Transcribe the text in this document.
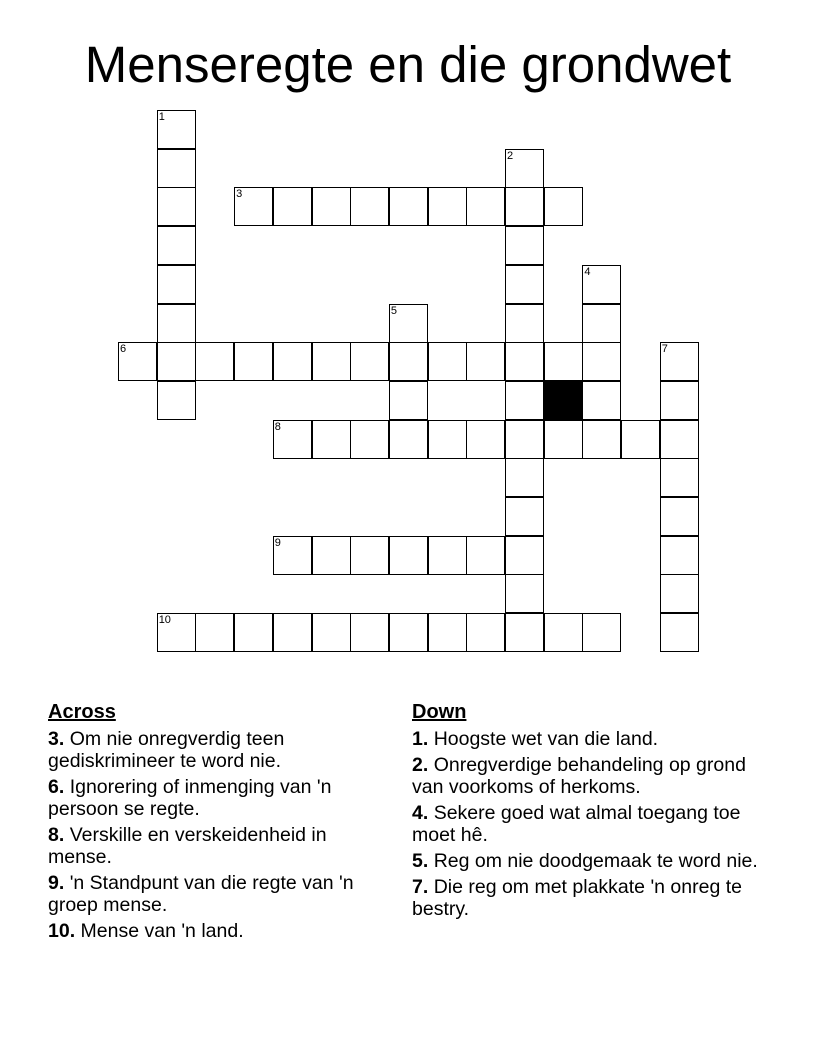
Menseregte en die grondwet
1
3
2
6
4
5
7
8
9
10
Across
3. Om nie onregverdig teen gediskrimineer te word nie.
6. Ignorering of inmenging van 'n persoon se regte.
8. Verskille en verskeidenheid in mense.
9. 'n Standpunt van die regte van 'n groep mense.
10. Mense van 'n land.
Down
1. Hoogste wet van die land.
2. Onregverdige behandeling op grond van voorkoms of herkoms.
4. Sekere goed wat almal toegang toe moet hê.
5. Reg om nie doodgemaak te word nie.
7. Die reg om met plakkate 'n onreg te bestry.
